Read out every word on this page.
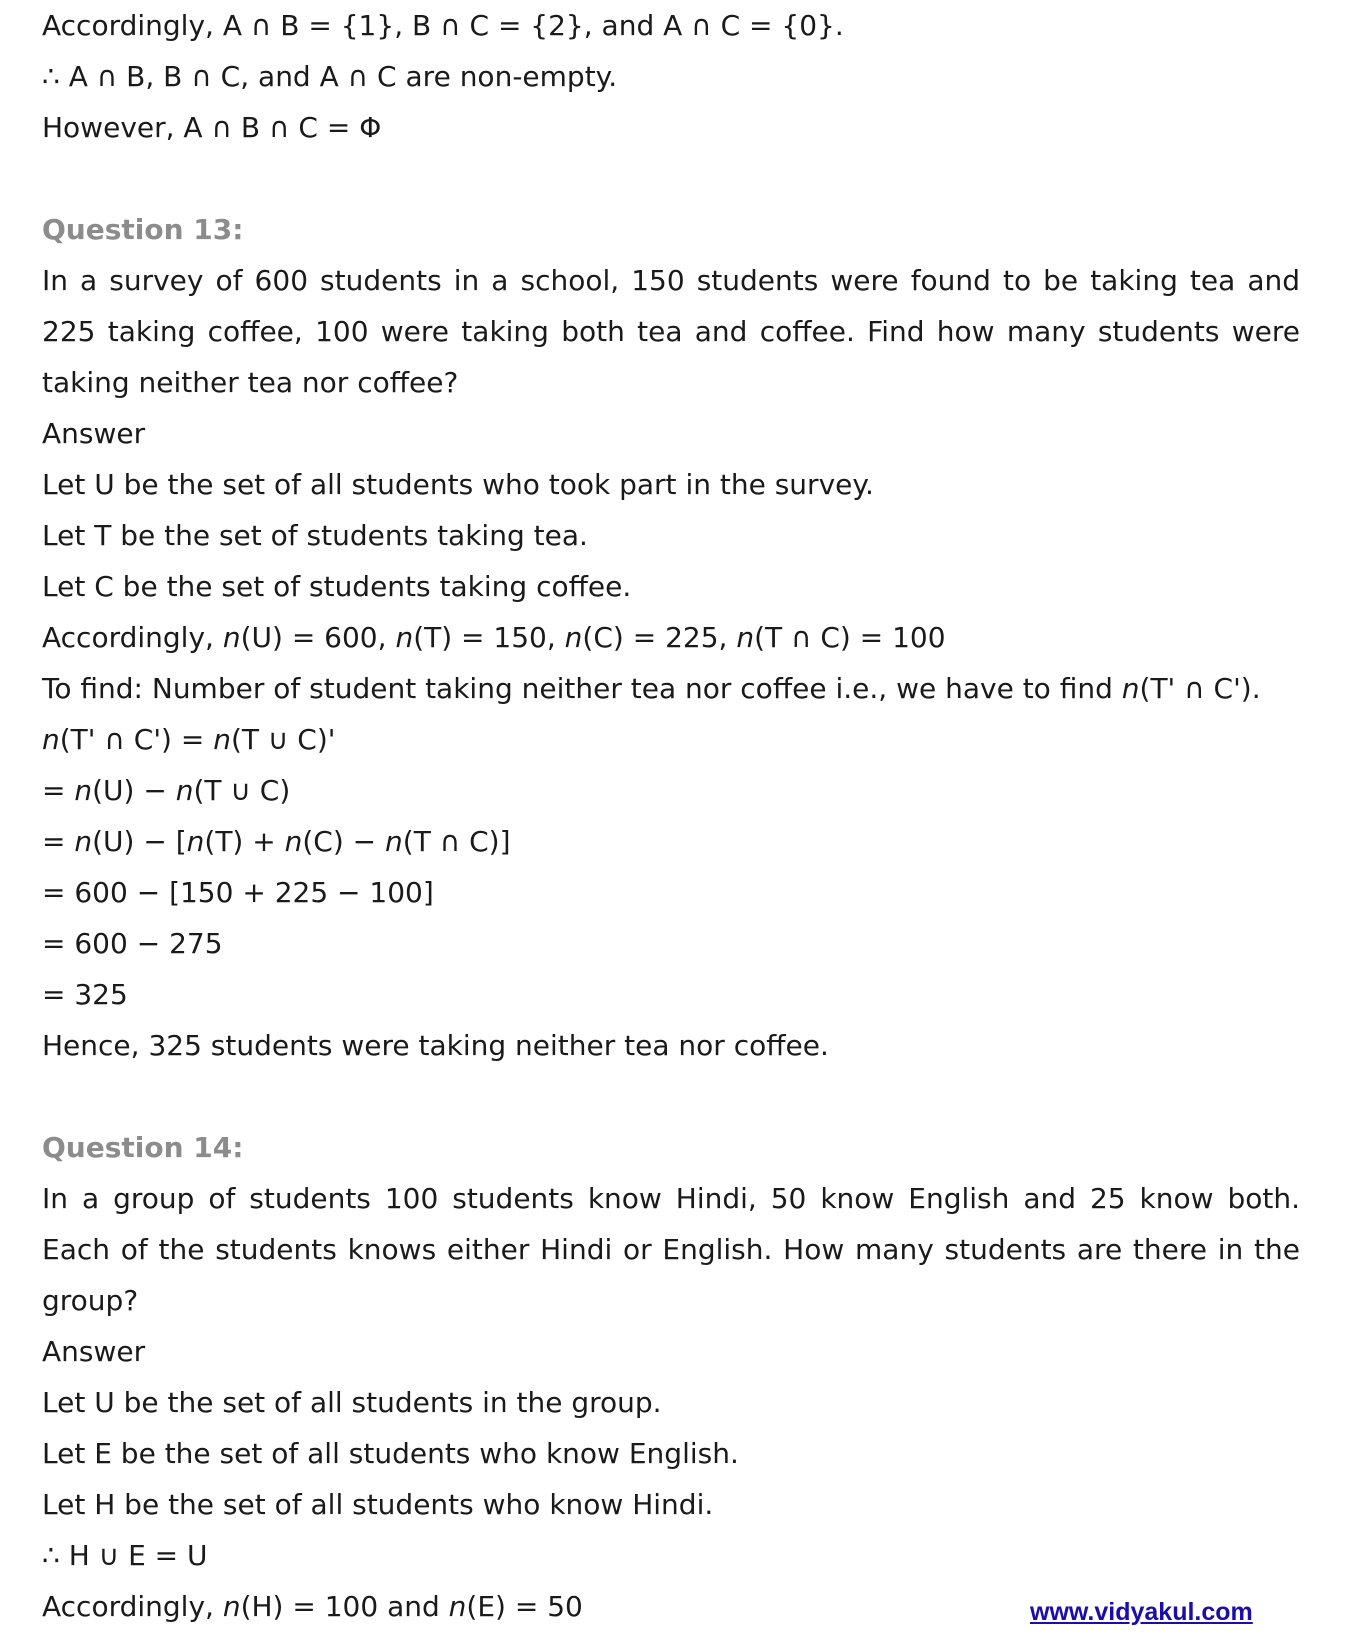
Accordingly, A ∩ B = {1}, B ∩ C = {2}, and A ∩ C = {0}.
∴ A ∩ B, B ∩ C, and A ∩ C are non-empty.
However, A ∩ B ∩ C = Φ
Question 13:
In a survey of 600 students in a school, 150 students were found to be taking tea and 225 taking coffee, 100 were taking both tea and coffee. Find how many students were taking neither tea nor coffee?
Answer
Let U be the set of all students who took part in the survey.
Let T be the set of students taking tea.
Let C be the set of students taking coffee.
Accordingly, n(U) = 600, n(T) = 150, n(C) = 225, n(T ∩ C) = 100
To find: Number of student taking neither tea nor coffee i.e., we have to find n(T' ∩ C').
n(T' ∩ C') = n(T ∪ C)'
= n(U) − n(T ∪ C)
= n(U) − [n(T) + n(C) − n(T ∩ C)]
= 600 − [150 + 225 − 100]
= 600 − 275
= 325
Hence, 325 students were taking neither tea nor coffee.
Question 14:
In a group of students 100 students know Hindi, 50 know English and 25 know both. Each of the students knows either Hindi or English. How many students are there in the group?
Answer
Let U be the set of all students in the group.
Let E be the set of all students who know English.
Let H be the set of all students who know Hindi.
∴ H ∪ E = U
Accordingly, n(H) = 100 and n(E) = 50	www.vidyakul.com
